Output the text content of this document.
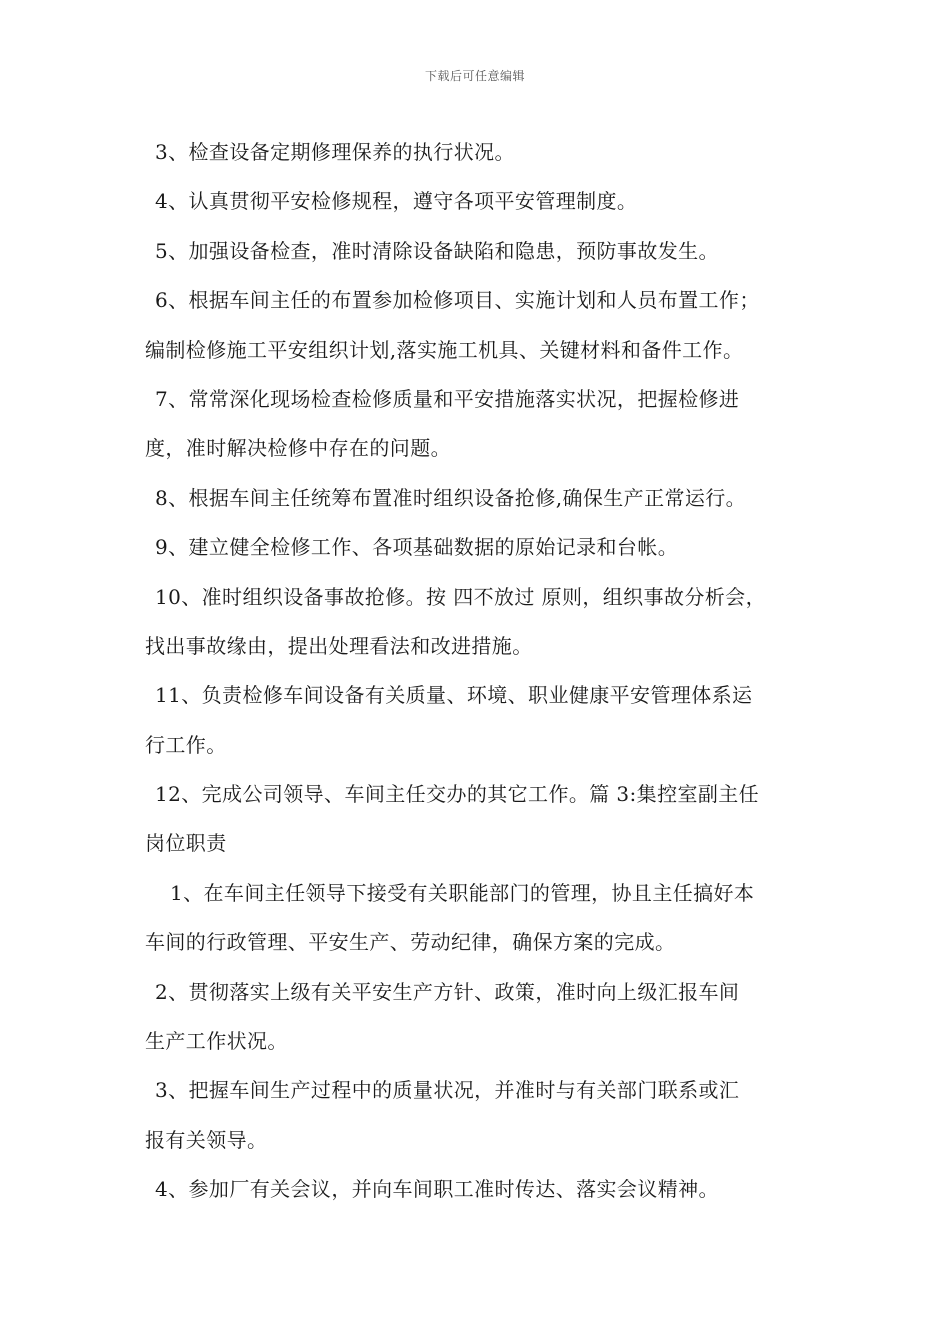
下载后可任意编辑
3、检查设备定期修理保养的执行状况。
4、认真贯彻平安检修规程，遵守各项平安管理制度。
5、加强设备检查，准时清除设备缺陷和隐患，预防事故发生。
6、根据车间主任的布置参加检修项目、实施计划和人员布置工作；
编制检修施工平安组织计划,落实施工机具、关键材料和备件工作。
7、常常深化现场检查检修质量和平安措施落实状况，把握检修进
度，准时解决检修中存在的问题。
8、根据车间主任统筹布置准时组织设备抢修,确保生产正常运行。
9、建立健全检修工作、各项基础数据的原始记录和台帐。
10、准时组织设备事故抢修。按 四不放过 原则，组织事故分析会，
找出事故缘由，提出处理看法和改进措施。
11、负责检修车间设备有关质量、环境、职业健康平安管理体系运
行工作。
12、完成公司领导、车间主任交办的其它工作。篇 3:集控室副主任
岗位职责
1、在车间主任领导下接受有关职能部门的管理，协且主任搞好本
车间的行政管理、平安生产、劳动纪律，确保方案的完成。
2、贯彻落实上级有关平安生产方针、政策，准时向上级汇报车间
生产工作状况。
3、把握车间生产过程中的质量状况，并准时与有关部门联系或汇
报有关领导。
4、参加厂有关会议，并向车间职工准时传达、落实会议精神。
